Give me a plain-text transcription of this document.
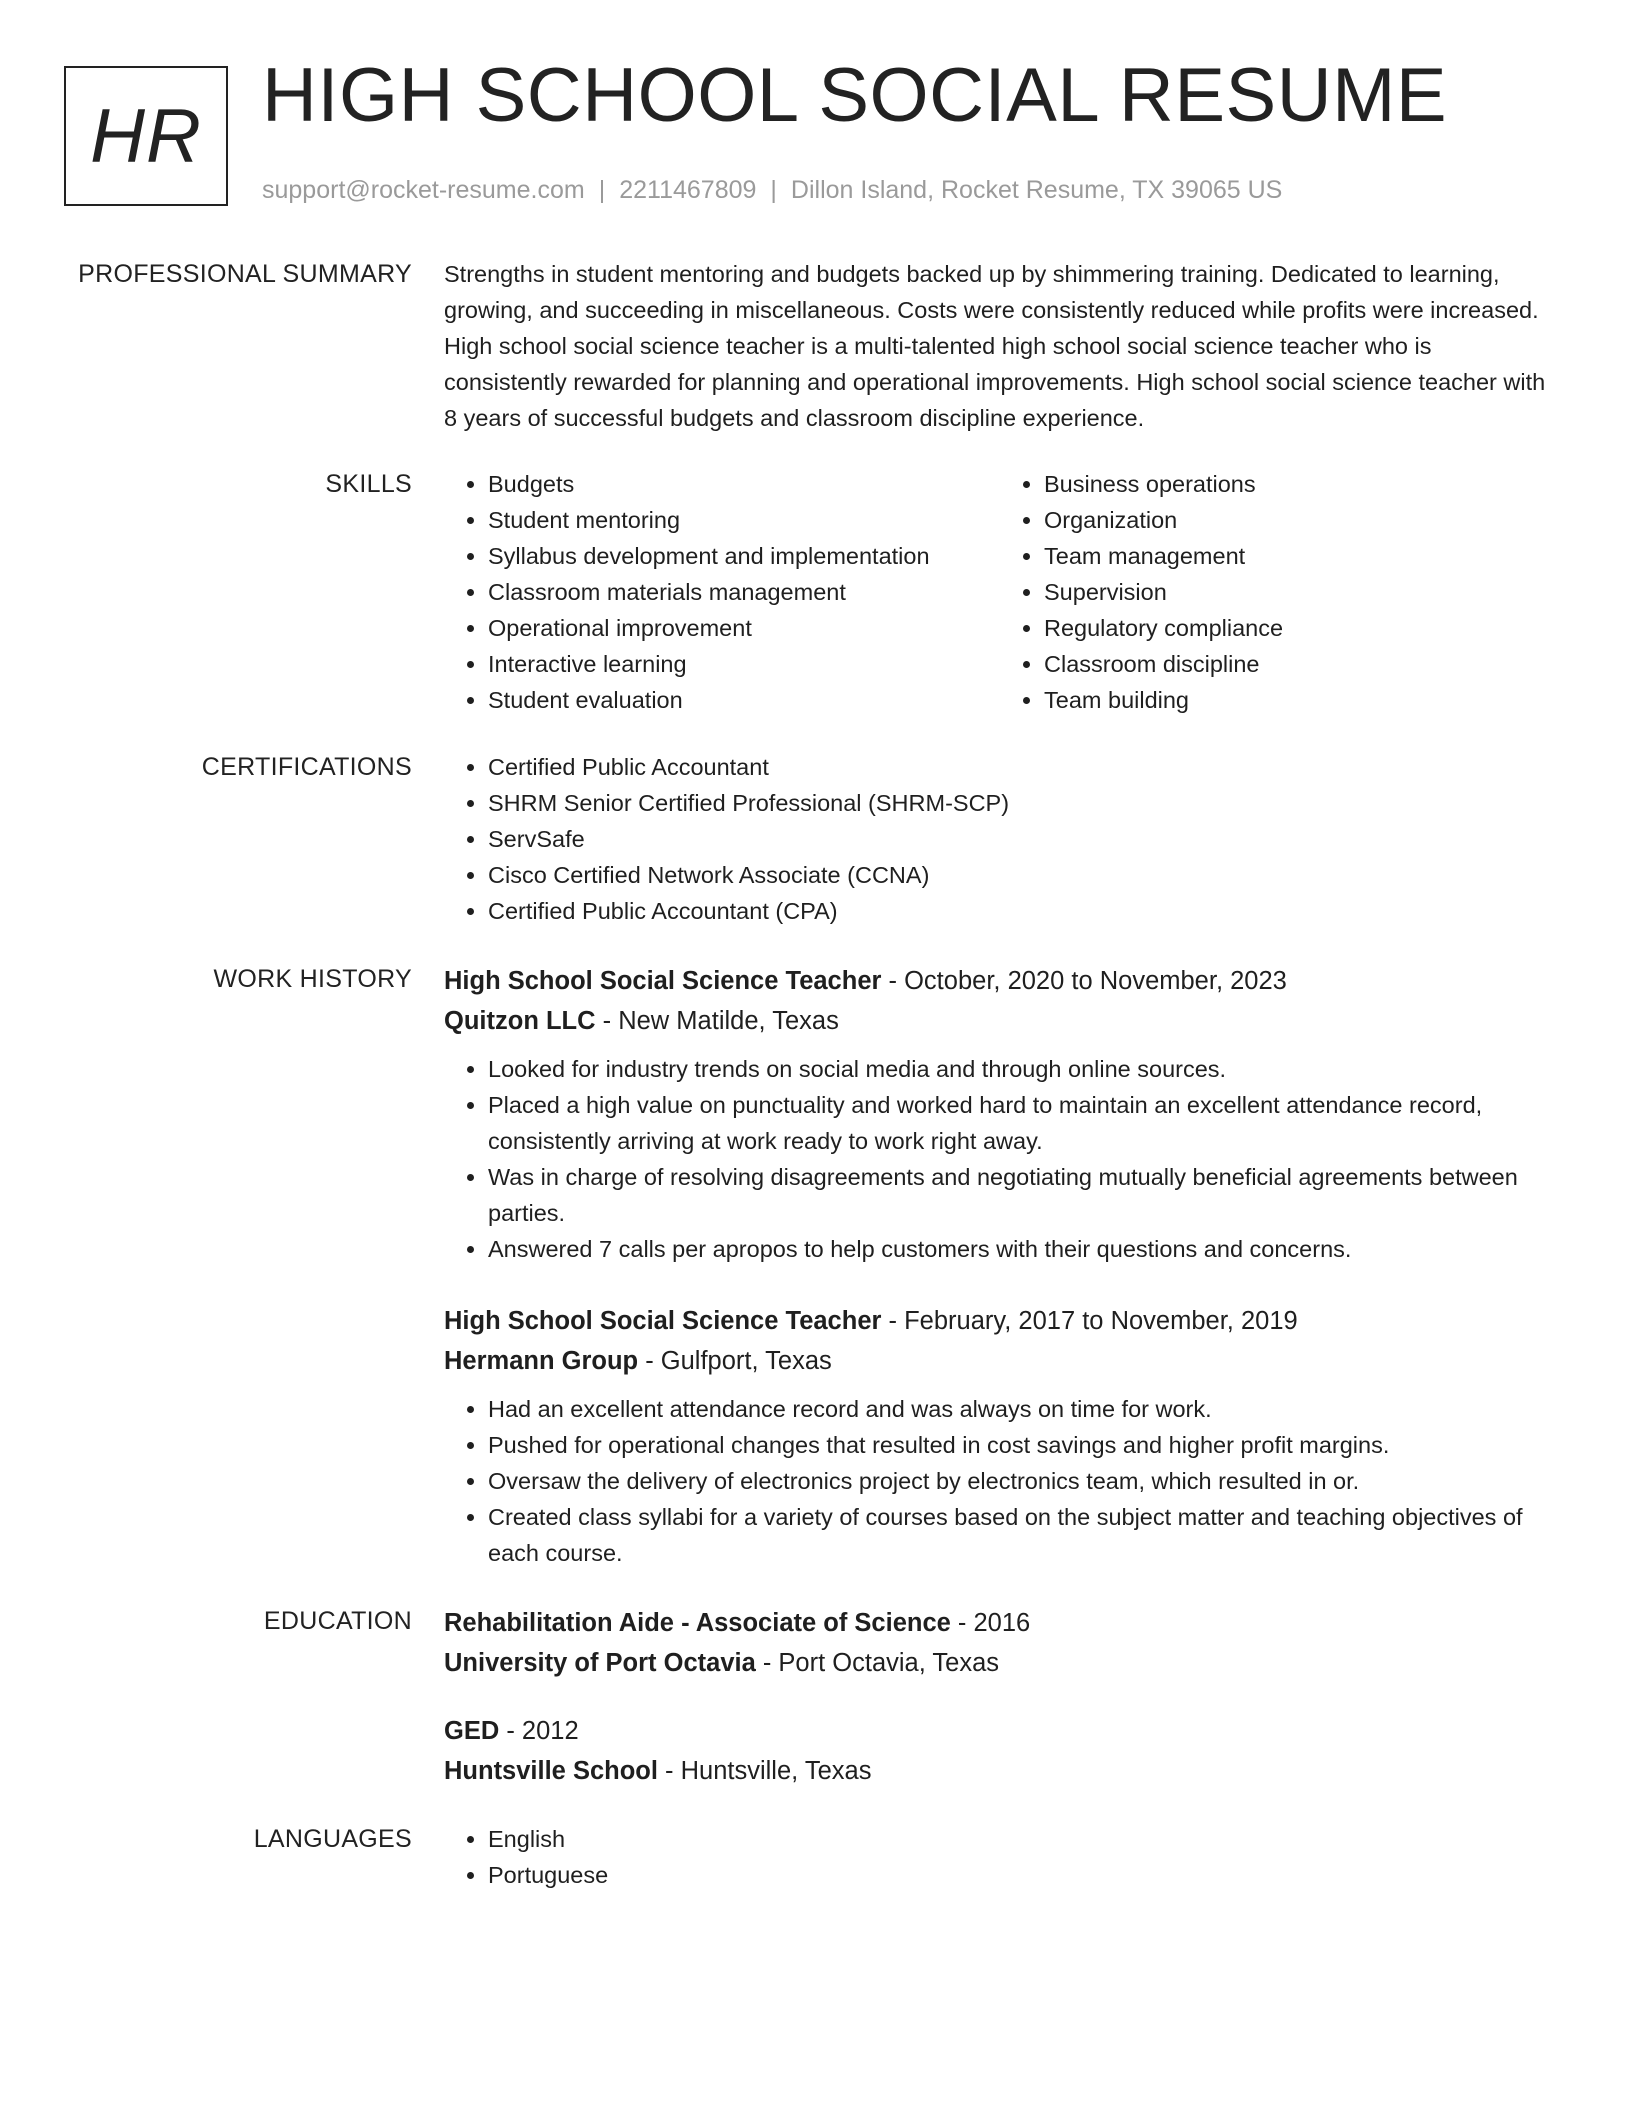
HR HIGH SCHOOL SOCIAL RESUME
support@rocket-resume.com | 2211467809 | Dillon Island, Rocket Resume, TX 39065 US
PROFESSIONAL SUMMARY Strengths in student mentoring and budgets backed up by shimmering training. Dedicated to learning, growing, and succeeding in miscellaneous. Costs were consistently reduced while profits were increased. High school social science teacher is a multi-talented high school social science teacher who is consistently rewarded for planning and operational improvements. High school social science teacher with 8 years of successful budgets and classroom discipline experience.
SKILLS	• Budgets
• Student mentoring
• Syllabus development and implementation
• Classroom materials management
• Operational improvement
• Interactive learning
• Student evaluation
• Business operations
• Organization
• Team management
• Supervision
• Regulatory compliance
• Classroom discipline
• Team building
CERTIFICATIONS	• Certified Public Accountant
• SHRM Senior Certified Professional (SHRM-SCP)
• ServSafe
• Cisco Certified Network Associate (CCNA)
• Certified Public Accountant (CPA)
WORK HISTORY High School Social Science Teacher - October, 2020 to November, 2023
Quitzon LLC - New Matilde, Texas
• Looked for industry trends on social media and through online sources.
• Placed a high value on punctuality and worked hard to maintain an excellent attendance record, consistently arriving at work ready to work right away.
• Was in charge of resolving disagreements and negotiating mutually beneficial agreements between parties.
• Answered 7 calls per apropos to help customers with their questions and concerns.
High School Social Science Teacher - February, 2017 to November, 2019
Hermann Group - Gulfport, Texas
• Had an excellent attendance record and was always on time for work.
• Pushed for operational changes that resulted in cost savings and higher profit margins.
• Oversaw the delivery of electronics project by electronics team, which resulted in or.
• Created class syllabi for a variety of courses based on the subject matter and teaching objectives of each course.
EDUCATION Rehabilitation Aide - Associate of Science - 2016
University of Port Octavia - Port Octavia, Texas
GED - 2012
Huntsville School - Huntsville, Texas
LANGUAGES	• English
• Portuguese
